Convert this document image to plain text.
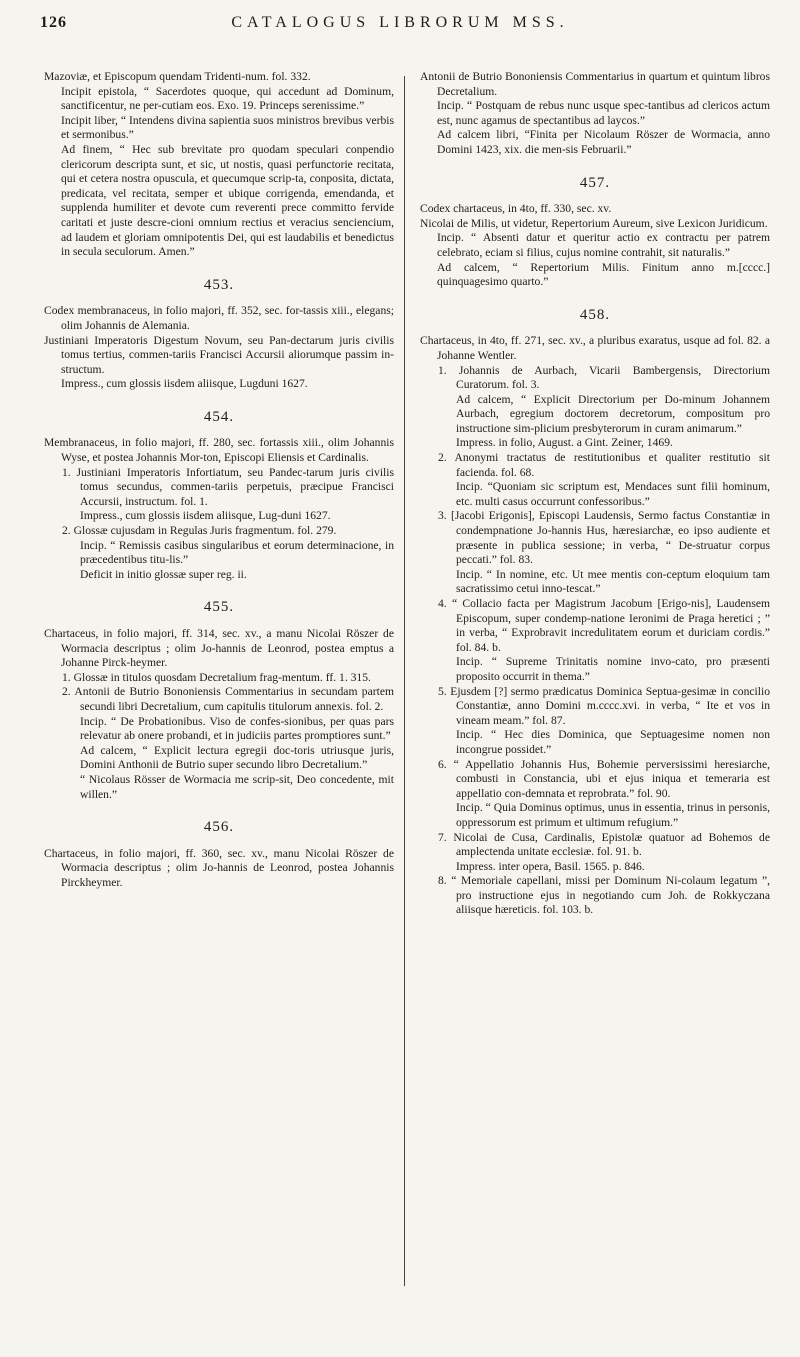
126	CATALOGUS LIBRORUM MSS.

Mazoviæ, et Episcopum quendam Tridenti-num. fol. 332.

Incipit epistola, “ Sacerdotes quoque, qui accedunt ad Dominum, sanctificentur, ne per-cutiam eos. Exo. 19. Princeps serenissime.”

Incipit liber, “ Intendens divina sapientia suos ministros brevibus verbis et sermonibus.”

Ad finem, “ Hec sub brevitate pro quodam speculari conpendio clericorum descripta sunt, et sic, ut nostis, quasi perfunctorie recitata, qui et cetera nostra opuscula, et quecumque scrip-ta, conposita, dictata, predicata, vel recitata, semper et ubique corrigenda, emendanda, et supplenda humiliter et devote cum reverenti prece committo fervide caritati et juste descre-cioni omnium rectius et veracius senciencium, ad laudem et gloriam omnipotentis Dei, qui est laudabilis et benedictus in secula seculorum. Amen.”

453.

Codex membranaceus, in folio majori, ff. 352, sec. for-tassis xiii., elegans; olim Johannis de Alemania.

Justiniani Imperatoris Digestum Novum, seu Pan-dectarum juris civilis tomus tertius, commen-tariis Francisci Accursii aliorumque passim in-structum.

Impress., cum glossis iisdem aliisque, Lugduni 1627.

454.

Membranaceus, in folio majori, ff. 280, sec. fortassis xiii., olim Johannis Wyse, et postea Johannis Mor-ton, Episcopi Eliensis et Cardinalis.

1. Justiniani Imperatoris Infortiatum, seu Pandec-tarum juris civilis tomus secundus, commen-tariis perpetuis, præcipue Francisci Accursii, instructum. fol. 1.

Impress., cum glossis iisdem aliisque, Lug-duni 1627.

2. Glossæ cujusdam in Regulas Juris fragmentum. fol. 279.

Incip. “ Remissis casibus singularibus et eorum determinacione, in præcedentibus titu-lis.”

Deficit in initio glossæ super reg. ii.

455.

Chartaceus, in folio majori, ff. 314, sec. xv., a manu Nicolai Röszer de Wormacia descriptus ; olim Jo-hannis de Leonrod, postea emptus a Johanne Pirck-heymer.

1. Glossæ in titulos quosdam Decretalium frag-mentum. ff. 1. 315.

2. Antonii de Butrio Bononiensis Commentarius in secundam partem secundi libri Decretalium, cum capitulis titulorum annexis. fol. 2.

Incip. “ De Probationibus. Viso de confes-sionibus, per quas pars relevatur ab onere probandi, et in judiciis partes promptiores sunt.”

Ad calcem, “ Explicit lectura egregii doc-toris utriusque juris, Domini Anthonii de Butrio super secundo libro Decretalium.”

“ Nicolaus Rösser de Wormacia me scrip-sit, Deo concedente, mit willen.”

456.

Chartaceus, in folio majori, ff. 360, sec. xv., manu Nicolai Röszer de Wormacia descriptus ; olim Jo-hannis de Leonrod, postea Johannis Pirckheymer.

Antonii de Butrio Bononiensis Commentarius in quartum et quintum libros Decretalium.

Incip. “ Postquam de rebus nunc usque spec-tantibus ad clericos actum est, nunc agamus de spectantibus ad laycos.”

Ad calcem libri, “Finita per Nicolaum Röszer de Wormacia, anno Domini 1423, xix. die men-sis Februarii.”

457.

Codex chartaceus, in 4to, ff. 330, sec. xv.

Nicolai de Milis, ut videtur, Repertorium Aureum, sive Lexicon Juridicum.

Incip. “ Absenti datur et queritur actio ex contractu per patrem celebrato, eciam si filius, cujus nomine contrahit, sit naturalis.”

Ad calcem, “ Repertorium Milis. Finitum anno m.[cccc.] quinquagesimo quarto.”

458.

Chartaceus, in 4to, ff. 271, sec. xv., a pluribus exaratus, usque ad fol. 82. a Johanne Wentler.

1. Johannis de Aurbach, Vicarii Bambergensis, Directorium Curatorum. fol. 3.

Ad calcem, “ Explicit Directorium per Do-minum Johannem Aurbach, egregium doctorem decretorum, compositum pro instructione sim-plicium presbyterorum in curam animarum.”

Impress. in folio, August. a Gint. Zeiner, 1469.

2. Anonymi tractatus de restitutionibus et qualiter restitutio sit facienda. fol. 68.

Incip. “Quoniam sic scriptum est, Mendaces sunt filii hominum, etc. multi casus occurrunt confessoribus.”

3. [Jacobi Erigonis], Episcopi Laudensis, Sermo factus Constantiæ in condempnatione Jo-hannis Hus, hæresiarchæ, eo ipso audiente et præsente in publica sessione; in verba, “ De-struatur corpus peccati.” fol. 83.

Incip. “ In nomine, etc. Ut mee mentis con-ceptum eloquium tam sacratissimo cetui inno-tescat.”

4. “ Collacio facta per Magistrum Jacobum [Erigo-nis], Laudensem Episcopum, super condemp-natione Ieronimi de Praga heretici ; ” in verba, “ Exprobravit incredulitatem eorum et duriciam cordis.” fol. 84. b.

Incip. “ Supreme Trinitatis nomine invo-cato, pro præsenti proposito occurrit in thema.”

5. Ejusdem [?] sermo prædicatus Dominica Septua-gesimæ in concilio Constantiæ, anno Domini m.cccc.xvi. in verba, “ Ite et vos in vineam meam.” fol. 87.

Incip. “ Hec dies Dominica, que Septuagesime nomen non incongrue possidet.”

6. “ Appellatio Johannis Hus, Bohemie perversissimi heresiarche, combusti in Constancia, ubi et ejus iniqua et temeraria est appellatio con-demnata et reprobrata.” fol. 90.

Incip. “ Quia Dominus optimus, unus in essentia, trinus in personis, oppressorum est primum et ultimum refugium.”

7. Nicolai de Cusa, Cardinalis, Epistolæ quatuor ad Bohemos de amplectenda unitate ecclesiæ. fol. 91. b.

Impress. inter opera, Basil. 1565. p. 846.

8. “ Memoriale capellani, missi per Dominum Ni-colaum legatum ”, pro instructione ejus in negotiando cum Joh. de Rokkyczana aliisque hæreticis. fol. 103. b.
